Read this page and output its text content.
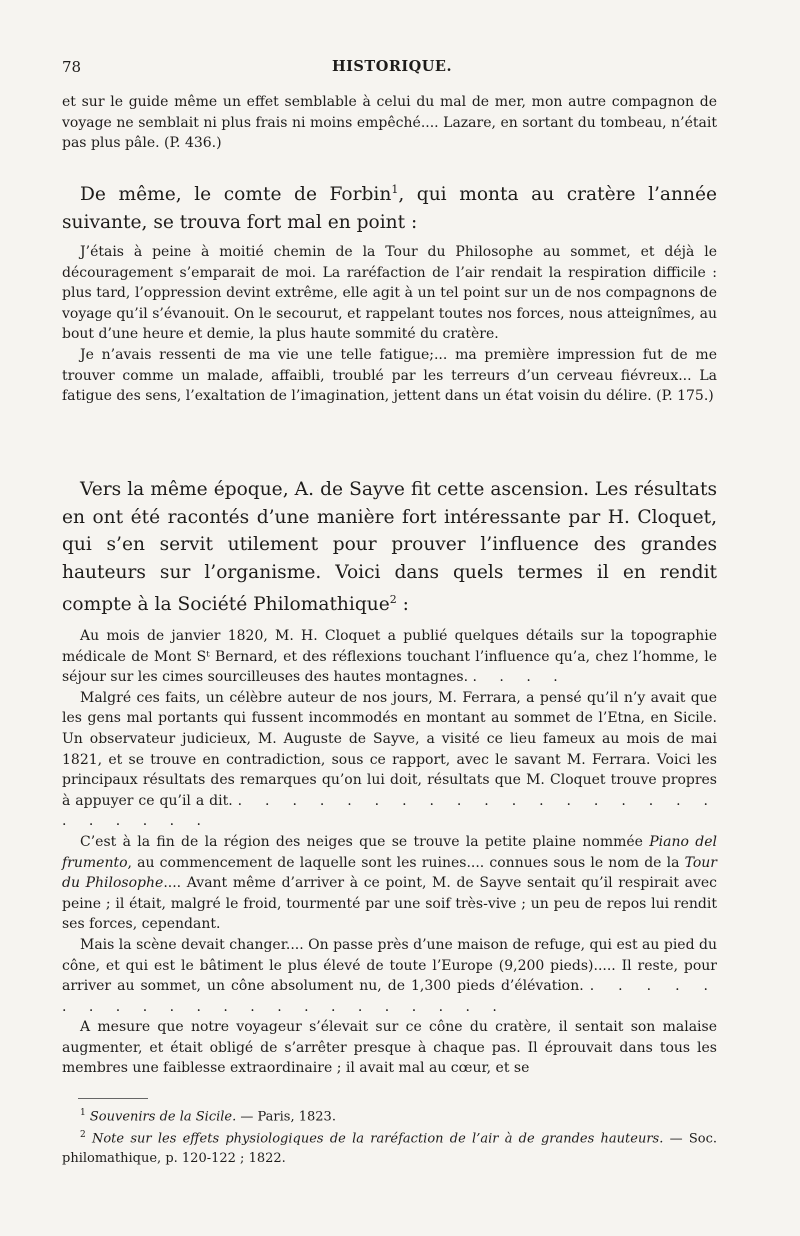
78	HISTORIQUE.

et sur le guide même un effet semblable à celui du mal de mer, mon autre compagnon de voyage ne semblait ni plus frais ni moins empêché.... Lazare, en sortant du tombeau, n’était pas plus pâle. (P. 436.)

De même, le comte de Forbin$^1$, qui monta au cratère l’année suivante, se trouva fort mal en point :

J’étais à peine à moitié chemin de la Tour du Philosophe au sommet, et déjà le découragement s’emparait de moi. La raréfaction de l’air rendait la respiration difficile : plus tard, l’oppression devint extrême, elle agit à un tel point sur un de nos compagnons de voyage qu’il s’évanouit. On le secourut, et rappelant toutes nos forces, nous atteignîmes, au bout d’une heure et demie, la plus haute sommité du cratère.

Je n’avais ressenti de ma vie une telle fatigue;... ma première impression fut de me trouver comme un malade, affaibli, troublé par les terreurs d’un cerveau fiévreux... La fatigue des sens, l’exaltation de l’imagination, jettent dans un état voisin du délire. (P. 175.)

Vers la même époque, A. de Sayve fit cette ascension. Les résultats en ont été racontés d’une manière fort intéressante par H. Cloquet, qui s’en servit utilement pour prouver l’influence des grandes hauteurs sur l’organisme. Voici dans quels termes il en rendit compte à la Société Philomathique$^2$ :

Au mois de janvier 1820, M. H. Cloquet a publié quelques détails sur la topographie médicale de Mont Sᵗ Bernard, et des réflexions touchant l’influence qu’a, chez l’homme, le séjour sur les cimes sourcilleuses des hautes montagnes. . . . .

Malgré ces faits, un célèbre auteur de nos jours, M. Ferrara, a pensé qu’il n’y avait que les gens mal portants qui fussent incommodés en montant au sommet de l’Etna, en Sicile. Un observateur judicieux, M. Auguste de Sayve, a visité ce lieu fameux au mois de mai 1821, et se trouve en contradiction, sous ce rapport, avec le savant M. Ferrara. Voici les principaux résultats des remarques qu’on lui doit, résultats que M. Cloquet trouve propres à appuyer ce qu’il a dit. . . . . . . . . . . . . . . . . . . . . . . . .

C’est à la fin de la région des neiges que se trouve la petite plaine nommée Piano del frumento, au commencement de laquelle sont les ruines.... connues sous le nom de la Tour du Philosophe.... Avant même d’arriver à ce point, M. de Sayve sentait qu’il respirait avec peine ; il était, malgré le froid, tourmenté par une soif très-vive ; un peu de repos lui rendit ses forces, cependant.

Mais la scène devait changer.... On passe près d’une maison de refuge, qui est au pied du cône, et qui est le bâtiment le plus élevé de toute l’Europe (9,200 pieds)..... Il reste, pour arriver au sommet, un cône absolument nu, de 1,300 pieds d’élévation. . . . . . . . . . . . . . . . . . . . . . .

A mesure que notre voyageur s’élevait sur ce cône du cratère, il sentait son malaise augmenter, et était obligé de s’arrêter presque à chaque pas. Il éprouvait dans tous les membres une faiblesse extraordinaire ; il avait mal au cœur, et se

$^1$ Souvenirs de la Sicile. — Paris, 1823.

$^2$ Note sur les effets physiologiques de la raréfaction de l’air à de grandes hauteurs. — Soc. philomathique, p. 120-122 ; 1822.
